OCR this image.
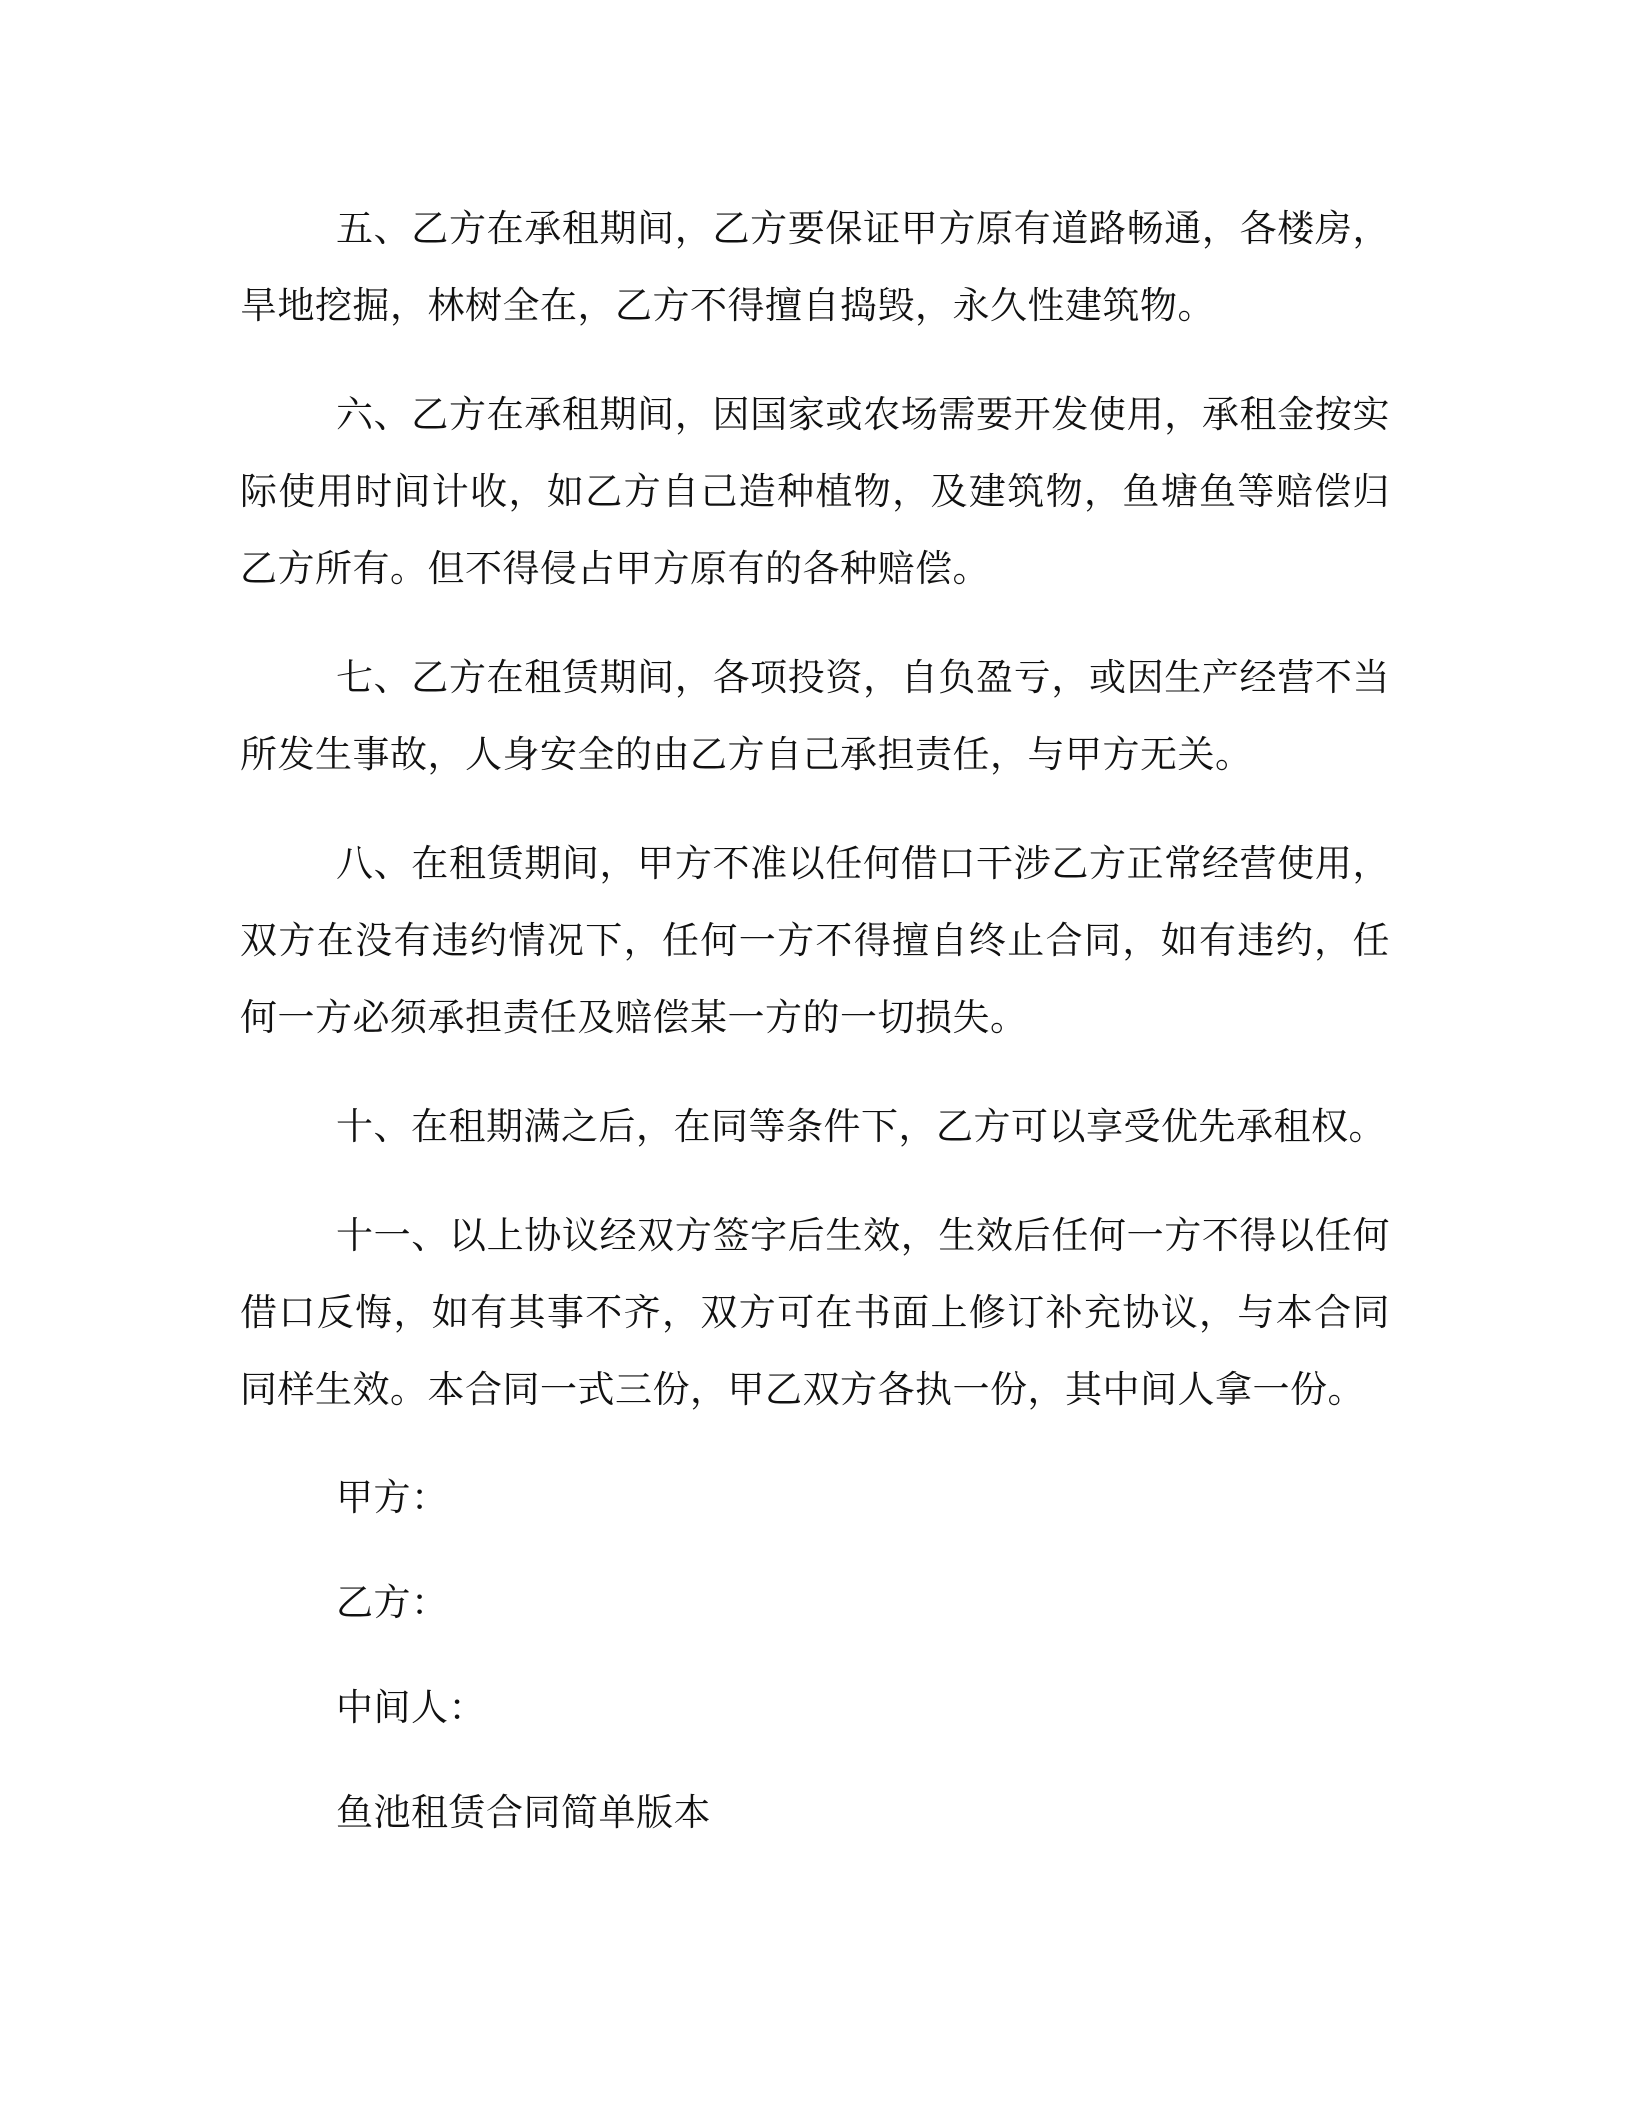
五、乙方在承租期间，乙方要保证甲方原有道路畅通，各楼房，旱地挖掘，林树全在，乙方不得擅自捣毁，永久性建筑物。

六、乙方在承租期间，因国家或农场需要开发使用，承租金按实际使用时间计收，如乙方自己造种植物，及建筑物，鱼塘鱼等赔偿归乙方所有。但不得侵占甲方原有的各种赔偿。

七、乙方在租赁期间，各项投资，自负盈亏，或因生产经营不当所发生事故，人身安全的由乙方自己承担责任，与甲方无关。

八、在租赁期间，甲方不准以任何借口干涉乙方正常经营使用，双方在没有违约情况下，任何一方不得擅自终止合同，如有违约，任何一方必须承担责任及赔偿某一方的一切损失。

十、在租期满之后，在同等条件下，乙方可以享受优先承租权。

十一、以上协议经双方签字后生效，生效后任何一方不得以任何借口反悔，如有其事不齐，双方可在书面上修订补充协议，与本合同同样生效。本合同一式三份，甲乙双方各执一份，其中间人拿一份。

甲方：

乙方：

中间人：

鱼池租赁合同简单版本
